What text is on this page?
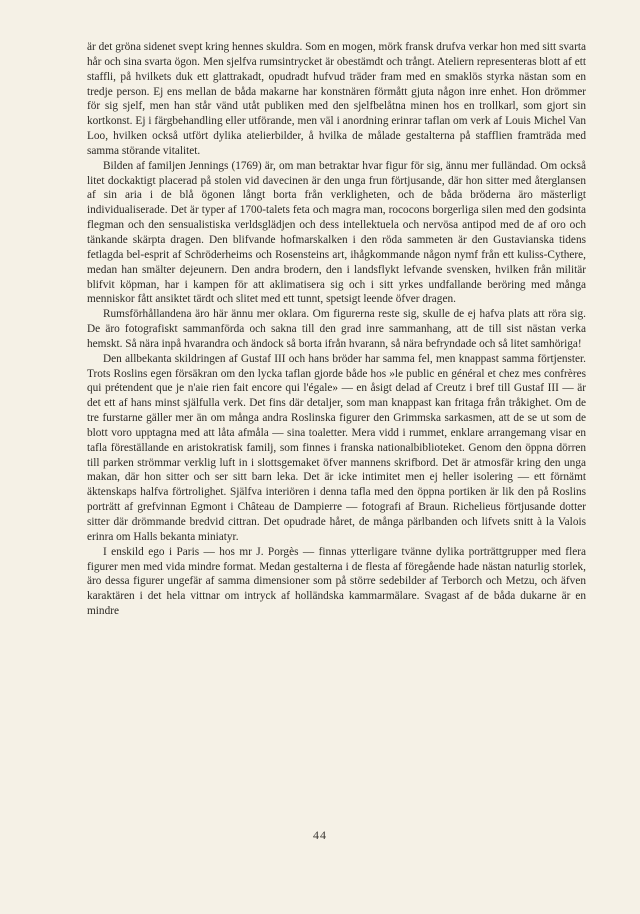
är det gröna sidenet svept kring hennes skuldra. Som en mogen, mörk fransk drufva verkar hon med sitt svarta hår och sina svarta ögon. Men sjelfva rumsintrycket är obestämdt och trångt. Ateliern representeras blott af ett staffli, på hvilkets duk ett glattrakadt, opudradt hufvud träder fram med en smaklös styrka nästan som en tredje person. Ej ens mellan de båda makarne har konstnären förmått gjuta någon inre enhet. Hon drömmer för sig sjelf, men han står vänd utåt publiken med den sjelfbelåtna minen hos en trollkarl, som gjort sin kortkonst. Ej i färgbehandling eller utförande, men väl i anordning erinrar taflan om verk af Louis Michel Van Loo, hvilken också utfört dylika atelierbilder, å hvilka de målade gestalterna på stafflien framträda med samma störande vitalitet.

Bilden af familjen Jennings (1769) är, om man betraktar hvar figur för sig, ännu mer fulländad. Om också litet dockaktigt placerad på stolen vid davecinen är den unga frun förtjusande, där hon sitter med återglansen af sin aria i de blå ögonen långt borta från verkligheten, och de båda bröderna äro mästerligt individualiserade. Det är typer af 1700-talets feta och magra man, rococons borgerliga silen med den godsinta flegman och den sensualistiska verldsglädjen och dess intellektuela och nervösa antipod med de af oro och tänkande skärpta dragen. Den blifvande hofmarskalken i den röda sammeten är den Gustavianska tidens fetlagda bel-esprit af Schröderheims och Rosensteins art, ihågkommande någon nymf från ett kuliss-Cythere, medan han smälter dejeunern. Den andra brodern, den i landsflykt lefvande svensken, hvilken från militär blifvit köpman, har i kampen för att aklimatisera sig och i sitt yrkes undfallande beröring med många menniskor fått ansiktet tärdt och slitet med ett tunnt, spetsigt leende öfver dragen.

Rumsförhållandena äro här ännu mer oklara. Om figurerna reste sig, skulle de ej hafva plats att röra sig. De äro fotografiskt sammanförda och sakna till den grad inre sammanhang, att de till sist nästan verka hemskt. Så nära inpå hvarandra och ändock så borta ifrån hvarann, så nära befryndade och så litet samhöriga!

Den allbekanta skildringen af Gustaf III och hans bröder har samma fel, men knappast samma förtjenster. Trots Roslins egen försäkran om den lycka taflan gjorde både hos »le public en général et chez mes confrères qui prétendent que je n'aie rien fait encore qui l'égale» — en åsigt delad af Creutz i bref till Gustaf III — är det ett af hans minst själfulla verk. Det fins där detaljer, som man knappast kan fritaga från tråkighet. Om de tre furstarne gäller mer än om många andra Roslinska figurer den Grimmska sarkasmen, att de se ut som de blott voro upptagna med att låta afmåla — sina toaletter. Mera vidd i rummet, enklare arrangemang visar en tafla föreställande en aristokratisk familj, som finnes i franska nationalbiblioteket. Genom den öppna dörren till parken strömmar verklig luft in i slottsgemaket öfver mannens skrifbord. Det är atmosfär kring den unga makan, där hon sitter och ser sitt barn leka. Det är icke intimitet men ej heller isolering — ett förnämt äktenskaps halfva förtrolighet. Själfva interiören i denna tafla med den öppna portiken är lik den på Roslins porträtt af grefvinnan Egmont i Château de Dampierre — fotografi af Braun. Richelieus förtjusande dotter sitter där drömmande bredvid cittran. Det opudrade håret, de många pärlbanden och lifvets snitt à la Valois erinra om Halls bekanta miniatyr.

I enskild ego i Paris — hos mr J. Porgès — finnas ytterligare tvänne dylika porträttgrupper med flera figurer men med vida mindre format. Medan gestalterna i de flesta af föregående hade nästan naturlig storlek, äro dessa figurer ungefär af samma dimensioner som på större sedebilder af Terborch och Metzu, och äfven karaktären i det hela vittnar om intryck af holländska kammarmälare. Svagast af de båda dukarne är en mindre

44
